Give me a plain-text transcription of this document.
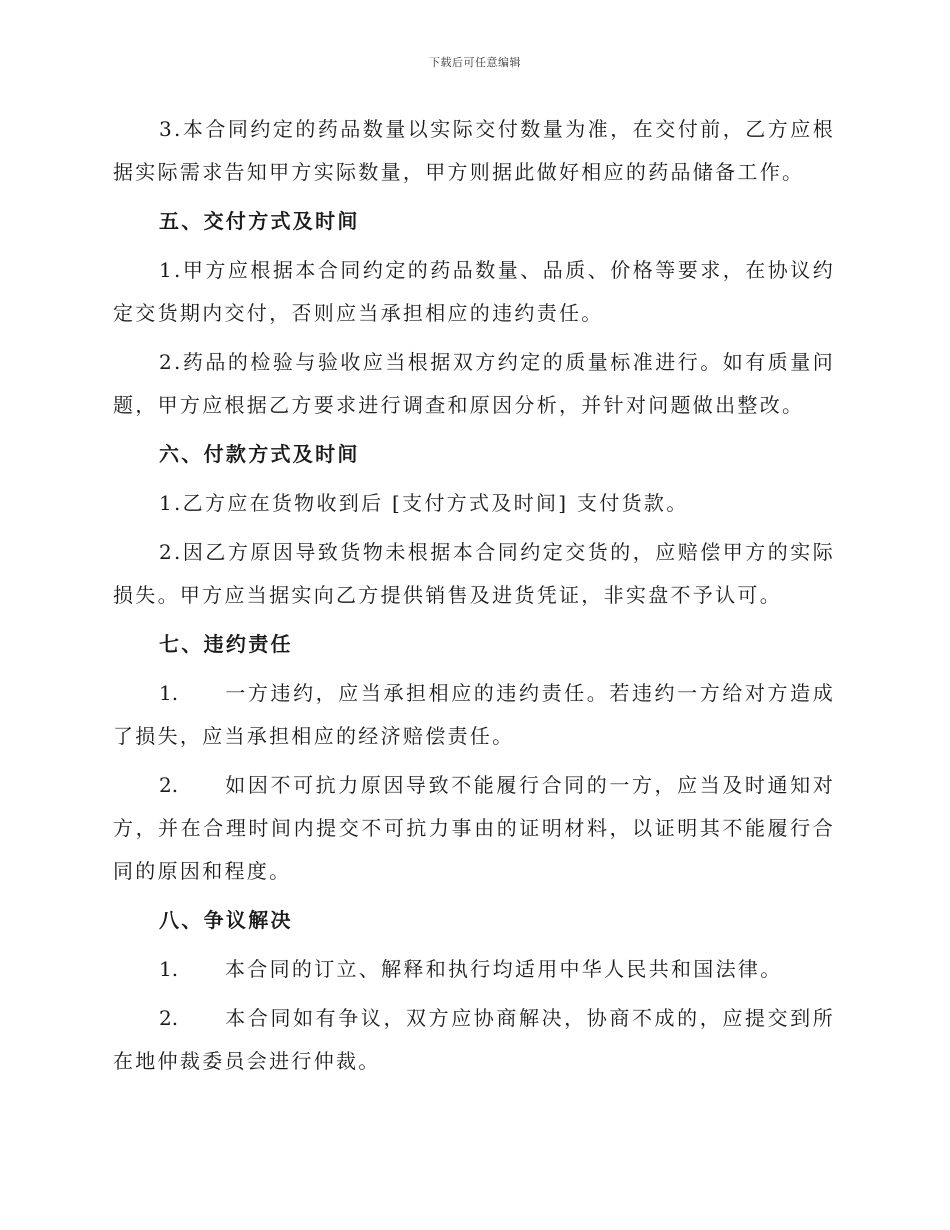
下载后可任意编辑

3.本合同约定的药品数量以实际交付数量为准，在交付前，乙方应根据实际需求告知甲方实际数量，甲方则据此做好相应的药品储备工作。

五、交付方式及时间

1.甲方应根据本合同约定的药品数量、品质、价格等要求，在协议约定交货期内交付，否则应当承担相应的违约责任。

2.药品的检验与验收应当根据双方约定的质量标准进行。如有质量问题，甲方应根据乙方要求进行调查和原因分析，并针对问题做出整改。

六、付款方式及时间

1.乙方应在货物收到后 [支付方式及时间] 支付货款。

2.因乙方原因导致货物未根据本合同约定交货的，应赔偿甲方的实际损失。甲方应当据实向乙方提供销售及进货凭证，非实盘不予认可。

七、违约责任

1. 一方违约，应当承担相应的违约责任。若违约一方给对方造成了损失，应当承担相应的经济赔偿责任。

2. 如因不可抗力原因导致不能履行合同的一方，应当及时通知对方，并在合理时间内提交不可抗力事由的证明材料，以证明其不能履行合同的原因和程度。

八、争议解决

1. 本合同的订立、解释和执行均适用中华人民共和国法律。

2. 本合同如有争议，双方应协商解决，协商不成的，应提交到所在地仲裁委员会进行仲裁。
